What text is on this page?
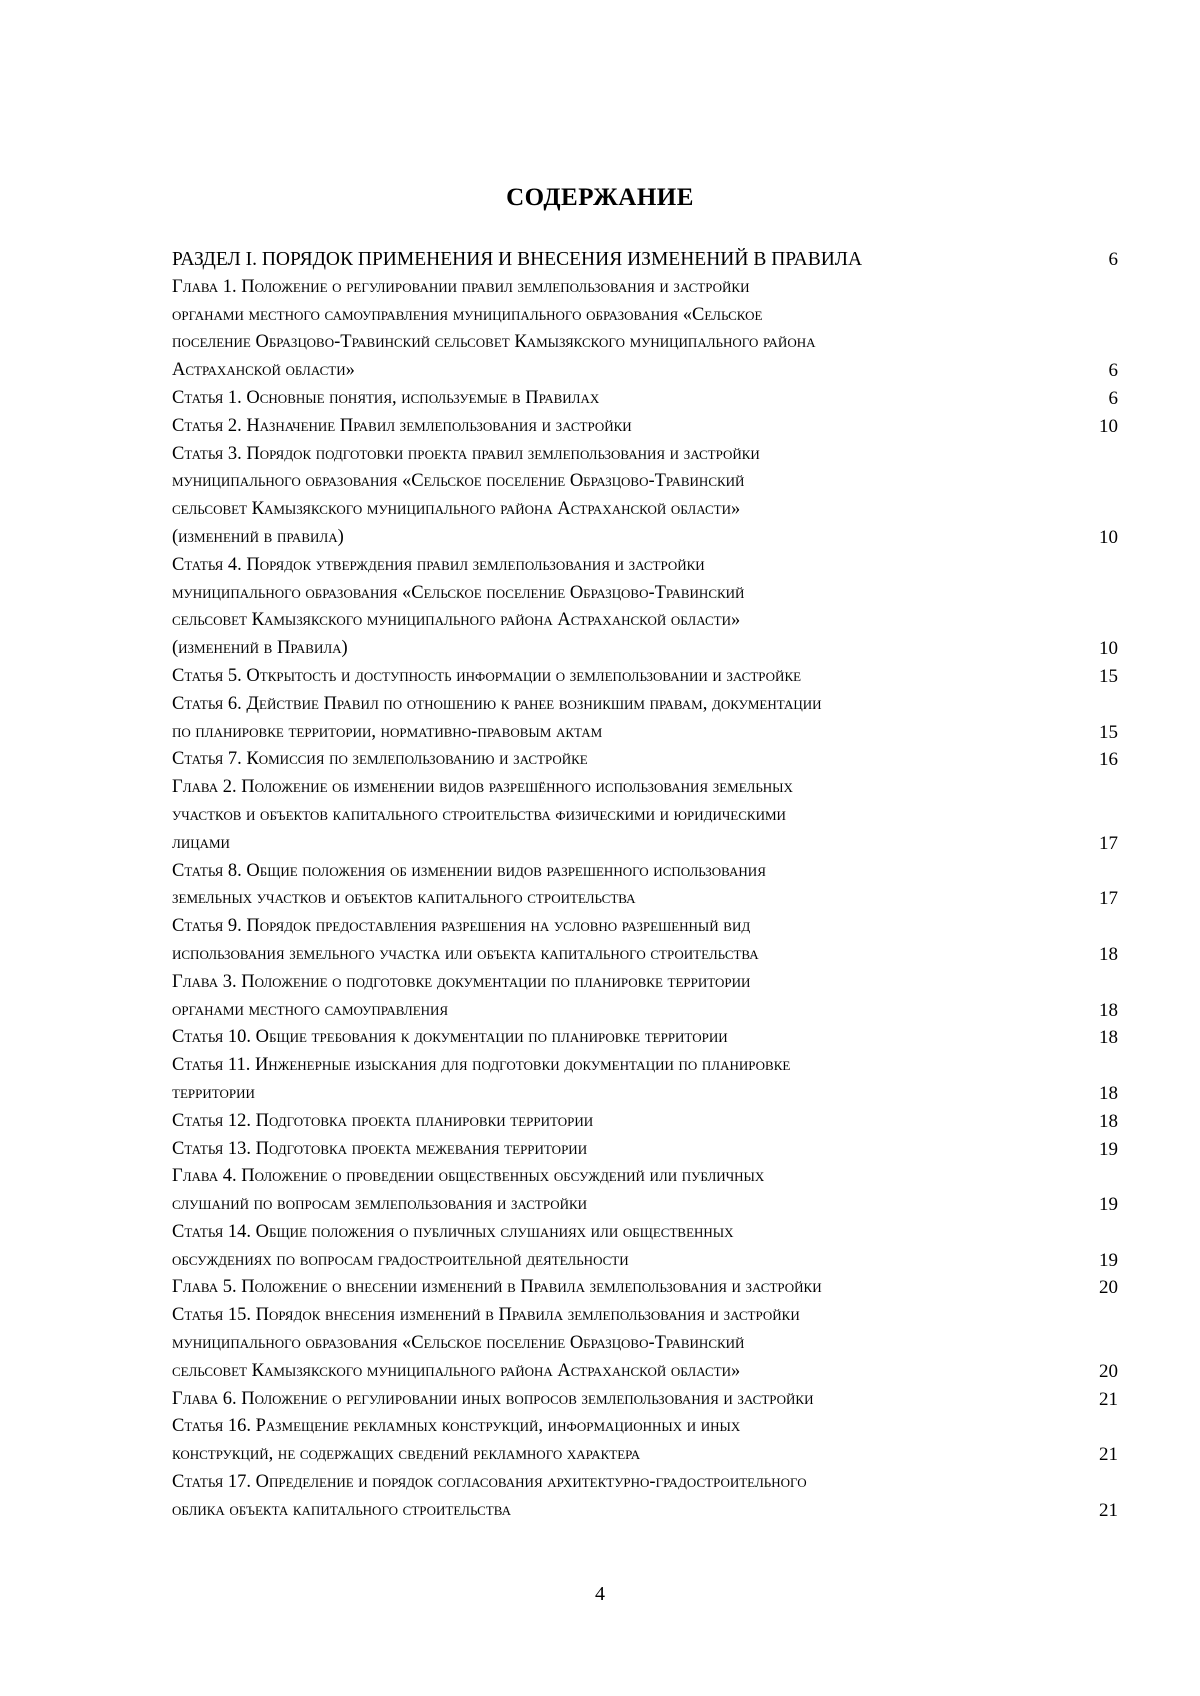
СОДЕРЖАНИЕ
РАЗДЕЛ I. ПОРЯДОК ПРИМЕНЕНИЯ И ВНЕСЕНИЯ ИЗМЕНЕНИЙ В ПРАВИЛА	6
Глава 1. Положение о регулировании правил землепользования и застройки
органами местного самоуправления муниципального образования «Сельское
поселение Образцово-Травинский сельсовет Камызякского муниципального района
Астраханской области»	6
Статья 1. Основные понятия, используемые в Правилах	6
Статья 2. Назначение Правил землепользования и застройки	10
Статья 3. Порядок подготовки проекта правил землепользования и застройки
муниципального образования «Сельское поселение Образцово-Травинский
сельсовет Камызякского муниципального района Астраханской области»
(изменений в правила)	10
Статья 4. Порядок утверждения правил землепользования и застройки
муниципального образования «Сельское поселение Образцово-Травинский
сельсовет Камызякского муниципального района Астраханской области»
(изменений в Правила)	10
Статья 5. Открытость и доступность информации о землепользовании и застройке	15
Статья 6. Действие Правил по отношению к ранее возникшим правам, документации
по планировке территории, нормативно-правовым актам	15
Статья 7. Комиссия по землепользованию и застройке	16
Глава 2. Положение об изменении видов разрешённого использования земельных
участков и объектов капитального строительства физическими и юридическими
лицами	17
Статья 8. Общие положения об изменении видов разрешенного использования
земельных участков и объектов капитального строительства	17
Статья 9. Порядок предоставления разрешения на условно разрешенный вид
использования земельного участка или объекта капитального строительства	18
Глава 3. Положение о подготовке документации по планировке территории
органами местного самоуправления	18
Статья 10. Общие требования к документации по планировке территории	18
Статья 11. Инженерные изыскания для подготовки документации по планировке
территории	18
Статья 12. Подготовка проекта планировки территории	18
Статья 13. Подготовка проекта межевания территории	19
Глава 4. Положение о проведении общественных обсуждений или публичных
слушаний по вопросам землепользования и застройки	19
Статья 14. Общие положения о публичных слушаниях или общественных
обсуждениях по вопросам градостроительной деятельности	19
Глава 5. Положение о внесении изменений в Правила землепользования и застройки	20
Статья 15. Порядок внесения изменений в Правила землепользования и застройки
муниципального образования «Сельское поселение Образцово-Травинский
сельсовет Камызякского муниципального района Астраханской области»	20
Глава 6. Положение о регулировании иных вопросов землепользования и застройки	21
Статья 16. Размещение рекламных конструкций, информационных и иных
конструкций, не содержащих сведений рекламного характера	21
Статья 17. Определение и порядок согласования архитектурно-градостроительного
облика объекта капитального строительства	21
4
